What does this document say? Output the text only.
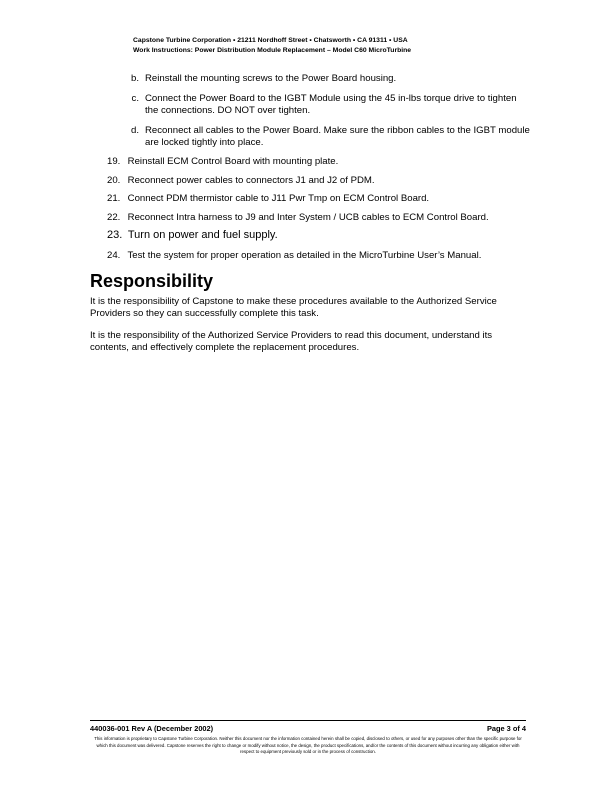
Capstone Turbine Corporation • 21211 Nordhoff Street • Chatsworth • CA 91311 • USA
Work Instructions: Power Distribution Module Replacement – Model C60 MicroTurbine
b. Reinstall the mounting screws to the Power Board housing.
c. Connect the Power Board to the IGBT Module using the 45 in-lbs torque drive to tighten the connections. DO NOT over tighten.
d. Reconnect all cables to the Power Board. Make sure the ribbon cables to the IGBT module are locked tightly into place.
19. Reinstall ECM Control Board with mounting plate.
20. Reconnect power cables to connectors J1 and J2 of PDM.
21. Connect PDM thermistor cable to J11 Pwr Tmp on ECM Control Board.
22. Reconnect Intra harness to J9 and Inter System / UCB cables to ECM Control Board.
23. Turn on power and fuel supply.
24. Test the system for proper operation as detailed in the MicroTurbine User’s Manual.
Responsibility
It is the responsibility of Capstone to make these procedures available to the Authorized Service Providers so they can successfully complete this task.
It is the responsibility of the Authorized Service Providers to read this document, understand its contents, and effectively complete the replacement procedures.
440036-001 Rev A (December 2002)	Page 3 of 4
This information is proprietary to Capstone Turbine Corporation. Neither this document nor the information contained herein shall be copied, disclosed to others, or used for any purposes other than the specific purpose for which this document was delivered. Capstone reserves the right to change or modify without notice, the design, the product specifications, and/or the contents of this document without incurring any obligation either with respect to equipment previously sold or in the process of construction.
